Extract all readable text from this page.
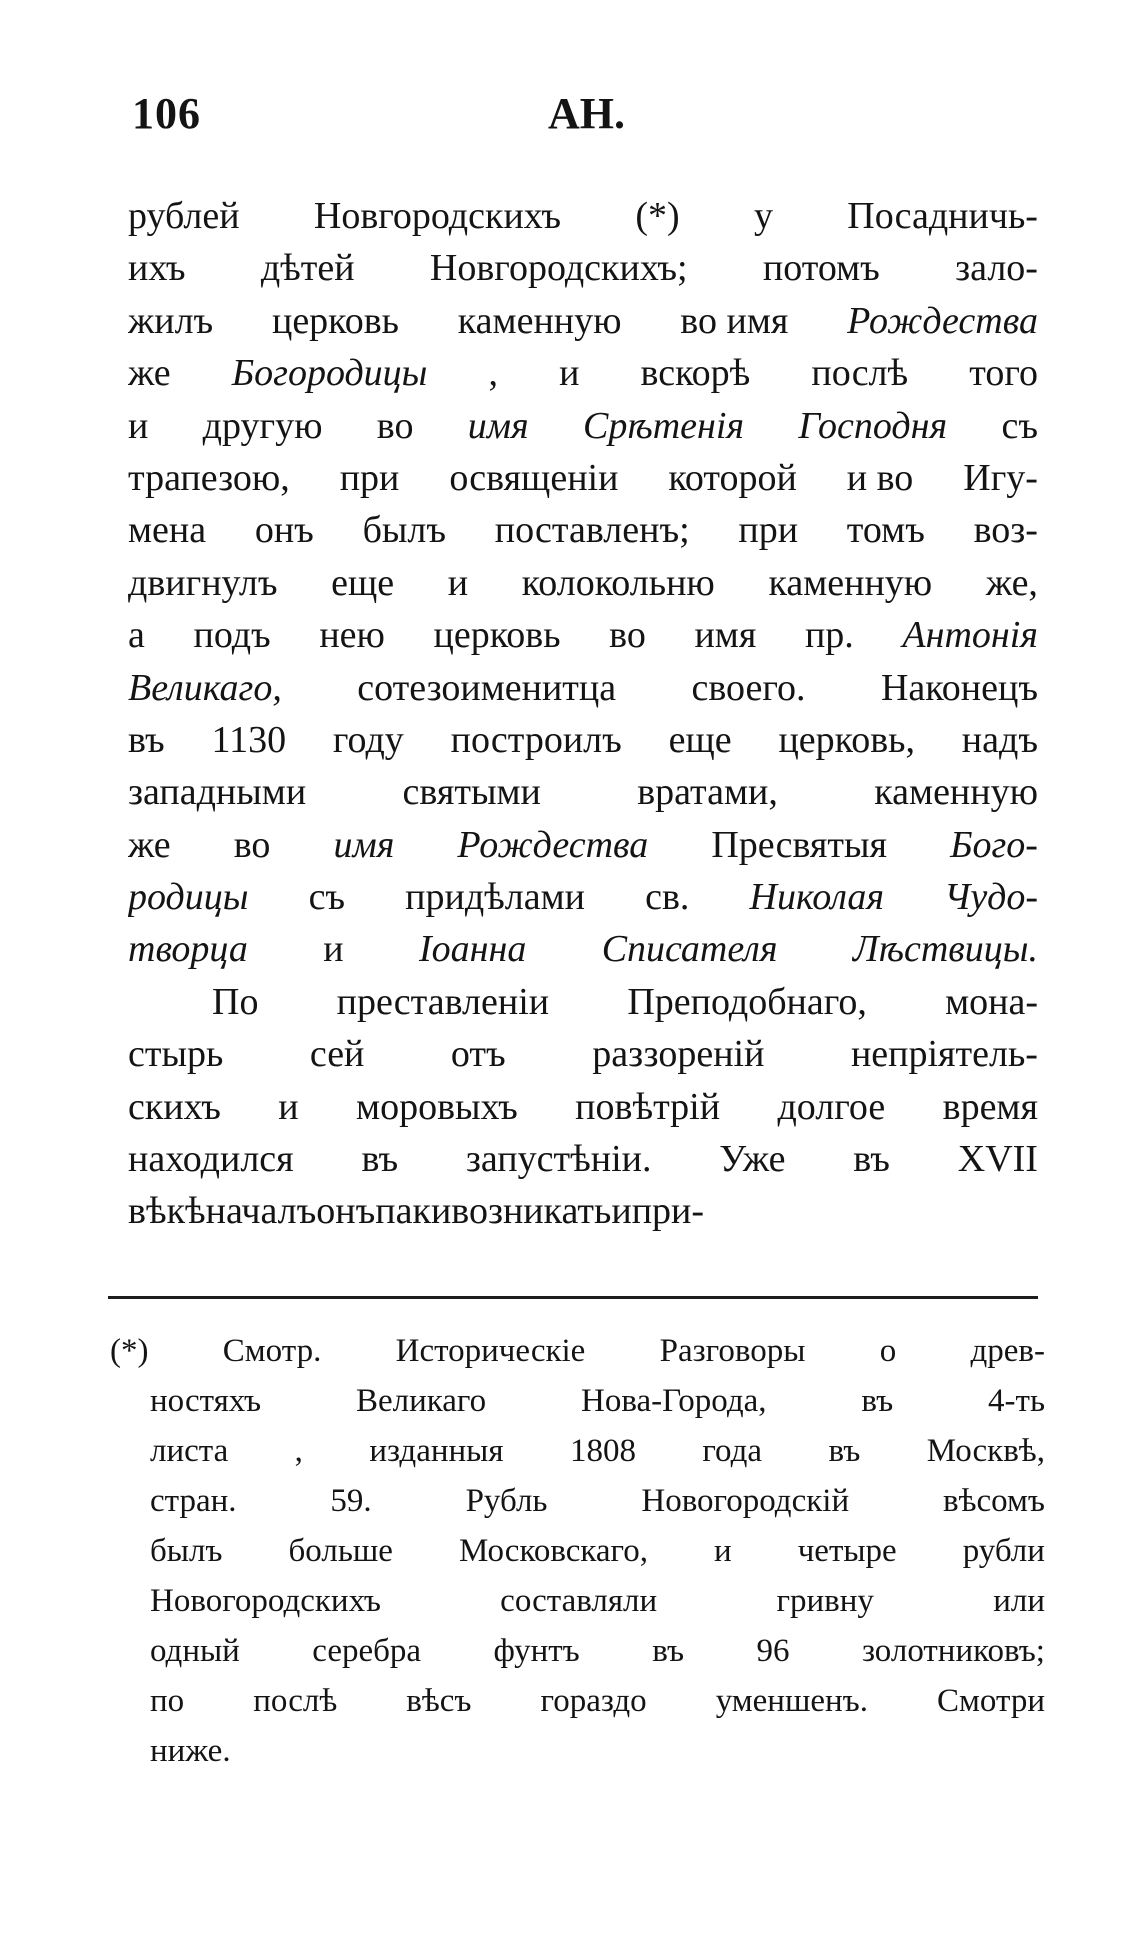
106	АН.
рублей Новгородскихъ (*) у Посадничь-
ихъ дѣтей Новгородскихъ; потомъ зало-
жилъ церковь каменную во имя Рождества
же Богородицы , и вскорѣ послѣ того
и другую во имя Срѣтенія Господня съ
трапезою, при освященіи которой и во Игу-
мена онъ былъ поставленъ; при томъ воз-
двигнулъ еще и колокольню каменную же,
а подъ нею церковь во имя пр. Антонія
Великаго, сотезоименитца своего. Наконецъ
въ 1130 году построилъ еще церковь, надъ
западными	святыми	вратами,	каменную
же во имя Рождества Пресвятыя Бого-
родицы съ придѣлами св. Николая Чудо-
творца и Іоанна Списателя Лѣствицы.
По преставленіи Преподобнаго, мона-
стырь сей отъ раззореній непріятель-
скихъ и моровыхъ повѣтрій долгое время
находился въ запустѣніи. Уже въ XVII
вѣкѣ началъ онъ паки возникать и при-
(*) Смотр. Историческіе Разговоры о древ-
ностяхъ	Великаго	Нова-Города,	въ	4-ть
листа , изданныя 1808 года въ Москвѣ,
стран.	59.	Рубль	Новогородскій	вѣсомъ
былъ больше Московскаго, и четыре рубли
Новогородскихъ	составляли	гривну	или
одный серебра фунтъ въ 96 золотниковъ;
по послѣ вѣсъ гораздо уменшенъ. Смотри
ниже.
